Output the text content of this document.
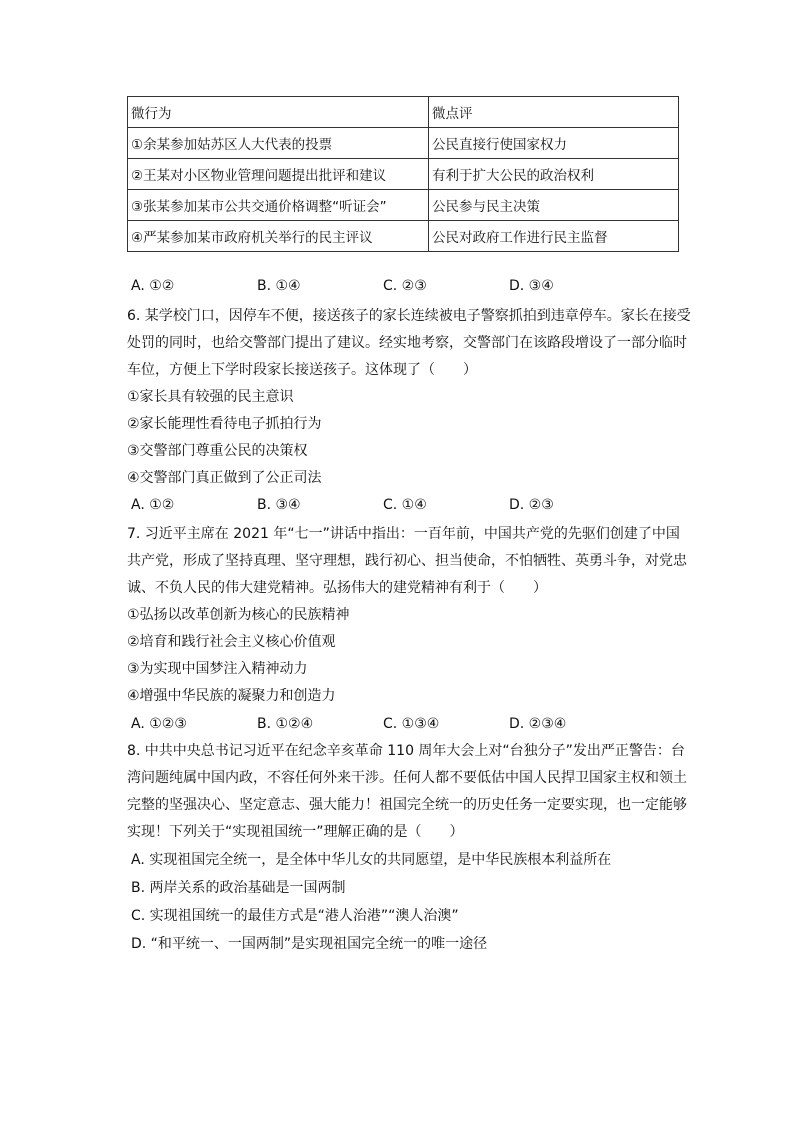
微行为	微点评
①余某参加姑苏区人大代表的投票	公民直接行使国家权力
②王某对小区物业管理问题提出批评和建议	有利于扩大公民的政治权利
③张某参加某市公共交通价格调整“听证会”	公民参与民主决策
④严某参加某市政府机关举行的民主评议	公民对政府工作进行民主监督
A. ①②	B. ①④	C. ②③	D. ③④
6. 某学校门口，因停车不便，接送孩子的家长连续被电子警察抓拍到违章停车。家长在接受
处罚的同时，也给交警部门提出了建议。经实地考察，交警部门在该路段增设了一部分临时
车位，方便上下学时段家长接送孩子。这体现了（　　）
①家长具有较强的民主意识
②家长能理性看待电子抓拍行为
③交警部门尊重公民的决策权
④交警部门真正做到了公正司法
A. ①②	B. ③④	C. ①④	D. ②③
7. 习近平主席在 2021 年“七一”讲话中指出：一百年前，中国共产党的先驱们创建了中国
共产党，形成了坚持真理、坚守理想，践行初心、担当使命，不怕牺牲、英勇斗争，对党忠
诚、不负人民的伟大建党精神。弘扬伟大的建党精神有利于（　　）
①弘扬以改革创新为核心的民族精神
②培育和践行社会主义核心价值观
③为实现中国梦注入精神动力
④增强中华民族的凝聚力和创造力
A. ①②③	B. ①②④	C. ①③④	D. ②③④
8. 中共中央总书记习近平在纪念辛亥革命 110 周年大会上对“台独分子”发出严正警告：台
湾问题纯属中国内政，不容任何外来干涉。任何人都不要低估中国人民捍卫国家主权和领土
完整的坚强决心、坚定意志、强大能力！祖国完全统一的历史任务一定要实现，也一定能够
实现！下列关于“实现祖国统一”理解正确的是（　　）
A. 实现祖国完全统一，是全体中华儿女的共同愿望，是中华民族根本利益所在
B. 两岸关系的政治基础是一国两制
C. 实现祖国统一的最佳方式是“港人治港”“澳人治澳”
D. “和平统一、一国两制”是实现祖国完全统一的唯一途径
